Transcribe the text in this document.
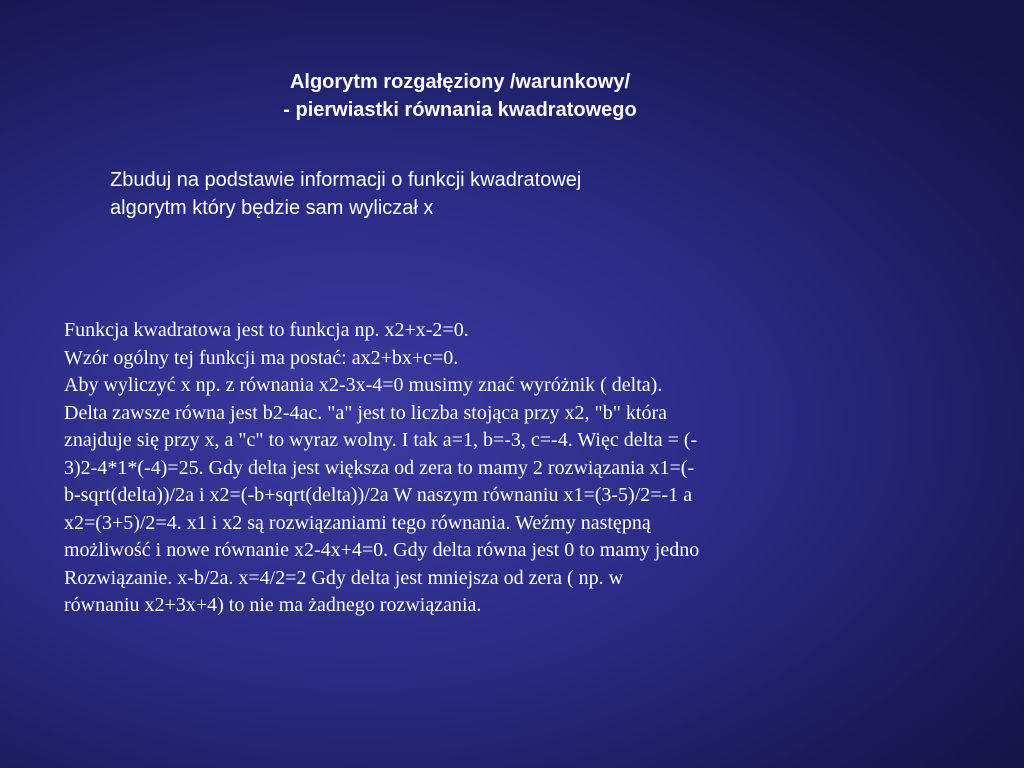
Algorytm rozgałęziony /warunkowy/
- pierwiastki równania kwadratowego

Zbuduj na podstawie informacji o funkcji kwadratowej
algorytm który będzie sam wyliczał x

Funkcja kwadratowa jest to funkcja np. x2+x-2=0.
Wzór ogólny tej funkcji ma postać: ax2+bx+c=0.
Aby wyliczyć x np. z równania x2-3x-4=0 musimy znać wyróżnik ( delta).
Delta zawsze równa jest b2-4ac. "a" jest to liczba stojąca przy x2, "b" która
znajduje się przy x, a "c" to wyraz wolny. I tak a=1, b=-3, c=-4. Więc delta = (-
3)2-4*1*(-4)=25. Gdy delta jest większa od zera to mamy 2 rozwiązania x1=(-
b-sqrt(delta))/2a i x2=(-b+sqrt(delta))/2a W naszym równaniu x1=(3-5)/2=-1 a
x2=(3+5)/2=4. x1 i x2 są rozwiązaniami tego równania. Weźmy następną
możliwość i nowe równanie x2-4x+4=0. Gdy delta równa jest 0 to mamy jedno
Rozwiązanie. x-b/2a. x=4/2=2 Gdy delta jest mniejsza od zera ( np. w
równaniu x2+3x+4) to nie ma żadnego rozwiązania.
